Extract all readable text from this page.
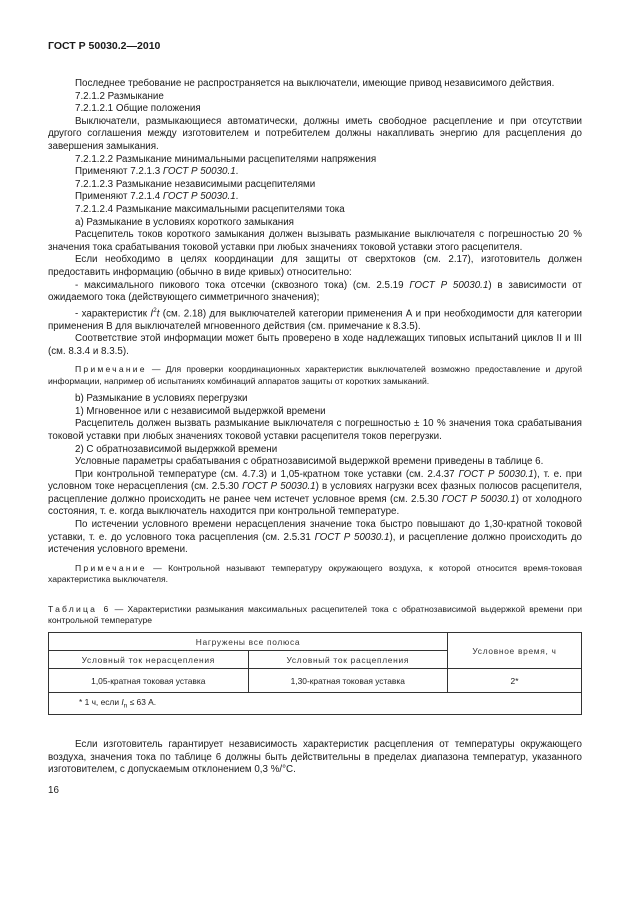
ГОСТ Р 50030.2—2010

Последнее требование не распространяется на выключатели, имеющие привод независимого действия.

7.2.1.2 Размыкание

7.2.1.2.1 Общие положения

Выключатели, размыкающиеся автоматически, должны иметь свободное расцепление и при отсутствии другого соглашения между изготовителем и потребителем должны накапливать энергию для расцепления до завершения замыкания.

7.2.1.2.2 Размыкание минимальными расцепителями напряжения

Применяют 7.2.1.3 ГОСТ Р 50030.1.

7.2.1.2.3 Размыкание независимыми расцепителями

Применяют 7.2.1.4 ГОСТ Р 50030.1.

7.2.1.2.4 Размыкание максимальными расцепителями тока

а) Размыкание в условиях короткого замыкания

Расцепитель токов короткого замыкания должен вызывать размыкание выключателя с погрешностью 20 % значения тока срабатывания токовой уставки при любых значениях токовой уставки этого расцепителя.

Если необходимо в целях координации для защиты от сверхтоков (см. 2.17), изготовитель должен предоставить информацию (обычно в виде кривых) относительно:

- максимального пикового тока отсечки (сквозного тока) (см. 2.5.19 ГОСТ Р 50030.1) в зависимости от ожидаемого тока (действующего симметричного значения);

- характеристик $I^2t$ (см. 2.18) для выключателей категории применения А и при необходимости для категории применения В для выключателей мгновенного действия (см. примечание к 8.3.5).

Соответствие этой информации может быть проверено в ходе надлежащих типовых испытаний циклов II и III (см. 8.3.4 и 8.3.5).

Примечание — Для проверки координационных характеристик выключателей возможно предоставление и другой информации, например об испытаниях комбинаций аппаратов защиты от коротких замыканий.

b) Размыкание в условиях перегрузки

1) Мгновенное или с независимой выдержкой времени

Расцепитель должен вызвать размыкание выключателя с погрешностью ± 10 % значения тока срабатывания токовой уставки при любых значениях токовой уставки расцепителя токов перегрузки.

2) С обратнозависимой выдержкой времени

Условные параметры срабатывания с обратнозависимой выдержкой времени приведены в таблице 6.

При контрольной температуре (см. 4.7.3) и 1,05-кратном токе уставки (см. 2.4.37 ГОСТ Р 50030.1), т. е. при условном токе нерасцепления (см. 2.5.30 ГОСТ Р 50030.1) в условиях нагрузки всех фазных полюсов расцепителя, расцепление должно происходить не ранее чем истечет условное время (см. 2.5.30 ГОСТ Р 50030.1) от холодного состояния, т. е. когда выключатель находится при контрольной температуре.

По истечении условного времени нерасцепления значение тока быстро повышают до 1,30-кратной токовой уставки, т. е. до условного тока расцепления (см. 2.5.31 ГОСТ Р 50030.1), и расцепление должно происходить до истечения условного времени.

Примечание — Контрольной называют температуру окружающего воздуха, к которой относится время-токовая характеристика выключателя.

Таблица 6 — Характеристики размыкания максимальных расцепителей тока с обратнозависимой выдержкой времени при контрольной температуре
Нагружены все полюса		Условное время, ч
Условный ток нерасцепления	Условный ток расцепления	
1,05-кратная токовая уставка	1,30-кратная токовая уставка	2*
* 1 ч, если $I_n \le 63$ А.		

Если изготовитель гарантирует независимость характеристик расцепления от температуры окружающего воздуха, значения тока по таблице 6 должны быть действительны в пределах диапазона температур, указанного изготовителем, с допускаемым отклонением 0,3 %/°С.

16
